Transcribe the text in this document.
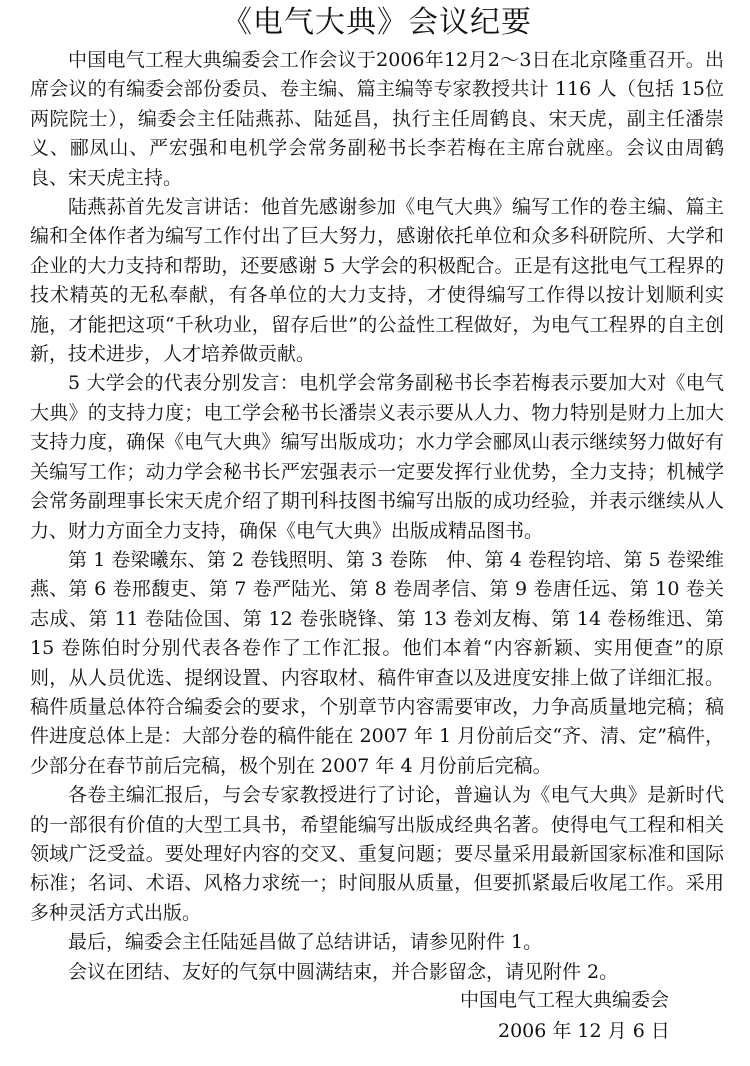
《电气大典》会议纪要

中国电气工程大典编委会工作会议于2006年12月2～3日在北京隆重召开。出席会议的有编委会部份委员、卷主编、篇主编等专家教授共计 116 人（包括 15位两院院士），编委会主任陆燕荪、陆延昌，执行主任周鹤良、宋天虎，副主任潘崇义、郦凤山、严宏强和电机学会常务副秘书长李若梅在主席台就座。会议由周鹤良、宋天虎主持。

陆燕荪首先发言讲话：他首先感谢参加《电气大典》编写工作的卷主编、篇主编和全体作者为编写工作付出了巨大努力，感谢依托单位和众多科研院所、大学和企业的大力支持和帮助，还要感谢 5 大学会的积极配合。正是有这批电气工程界的技术精英的无私奉献，有各单位的大力支持，才使得编写工作得以按计划顺利实施，才能把这项“千秋功业，留存后世”的公益性工程做好，为电气工程界的自主创新，技术进步，人才培养做贡献。

5 大学会的代表分别发言：电机学会常务副秘书长李若梅表示要加大对《电气大典》的支持力度；电工学会秘书长潘崇义表示要从人力、物力特别是财力上加大支持力度，确保《电气大典》编写出版成功；水力学会郦凤山表示继续努力做好有关编写工作；动力学会秘书长严宏强表示一定要发挥行业优势，全力支持；机械学会常务副理事长宋天虎介绍了期刊科技图书编写出版的成功经验，并表示继续从人力、财力方面全力支持，确保《电气大典》出版成精品图书。

第 1 卷梁曦东、第 2 卷钱照明、第 3 卷陈　仲、第 4 卷程钧培、第 5 卷梁维燕、第 6 卷邢馥吏、第 7 卷严陆光、第 8 卷周孝信、第 9 卷唐任远、第 10 卷关志成、第 11 卷陆俭国、第 12 卷张晓锋、第 13 卷刘友梅、第 14 卷杨维迅、第 15 卷陈伯时分别代表各卷作了工作汇报。他们本着“内容新颖、实用便查”的原则，从人员优选、提纲设置、内容取材、稿件审查以及进度安排上做了详细汇报。稿件质量总体符合编委会的要求，个别章节内容需要审改，力争高质量地完稿；稿件进度总体上是：大部分卷的稿件能在 2007 年 1 月份前后交“齐、清、定”稿件，少部分在春节前后完稿，极个别在 2007 年 4 月份前后完稿。

各卷主编汇报后，与会专家教授进行了讨论，普遍认为《电气大典》是新时代的一部很有价值的大型工具书，希望能编写出版成经典名著。使得电气工程和相关领域广泛受益。要处理好内容的交叉、重复问题；要尽量采用最新国家标准和国际标准；名词、术语、风格力求统一；时间服从质量，但要抓紧最后收尾工作。采用多种灵活方式出版。

最后，编委会主任陆延昌做了总结讲话，请参见附件 1。

会议在团结、友好的气氛中圆满结束，并合影留念，请见附件 2。

中国电气工程大典编委会
2006 年 12 月 6 日
